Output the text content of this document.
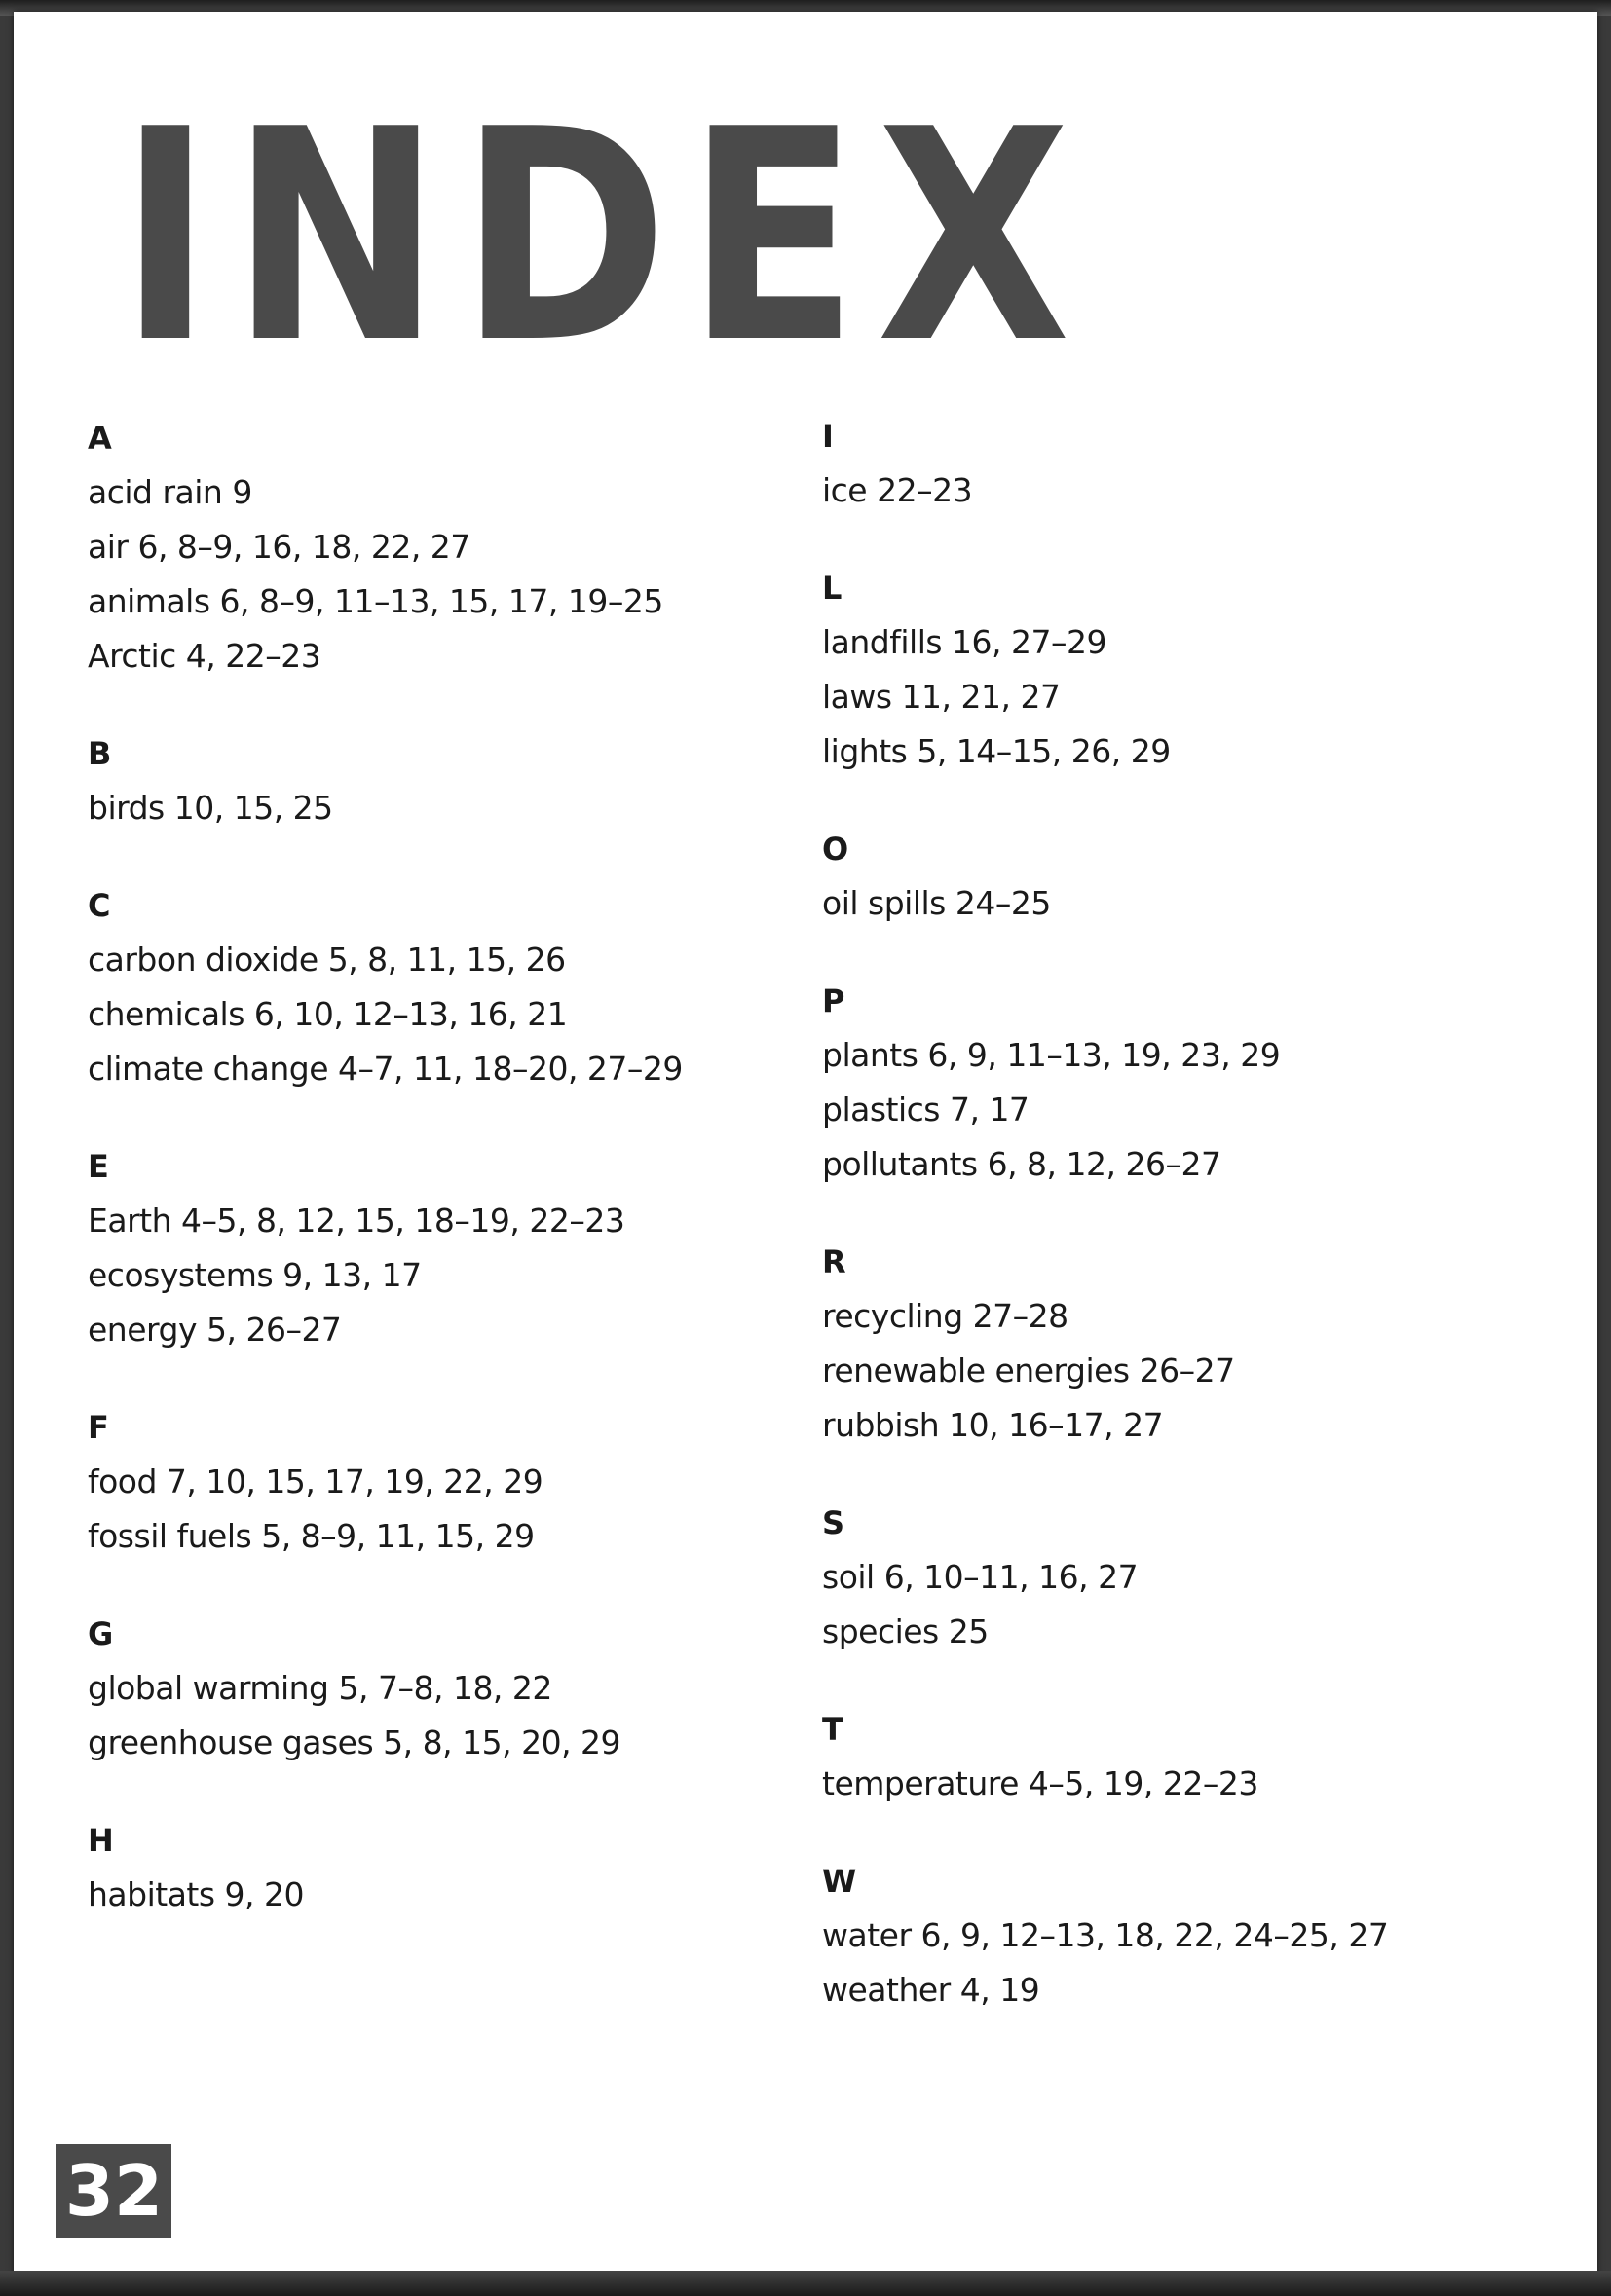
INDEX
A
acid rain 9
air 6, 8–9, 16, 18, 22, 27
animals 6, 8–9, 11–13, 15, 17, 19–25
Arctic 4, 22–23
B
birds 10, 15, 25
C
carbon dioxide 5, 8, 11, 15, 26
chemicals 6, 10, 12–13, 16, 21
climate change 4–7, 11, 18–20, 27–29
E
Earth 4–5, 8, 12, 15, 18–19, 22–23
ecosystems 9, 13, 17
energy 5, 26–27
F
food 7, 10, 15, 17, 19, 22, 29
fossil fuels 5, 8–9, 11, 15, 29
G
global warming 5, 7–8, 18, 22
greenhouse gases 5, 8, 15, 20, 29
H
habitats 9, 20
I
ice 22–23
L
landfills 16, 27–29
laws 11, 21, 27
lights 5, 14–15, 26, 29
O
oil spills 24–25
P
plants 6, 9, 11–13, 19, 23, 29
plastics 7, 17
pollutants 6, 8, 12, 26–27
R
recycling 27–28
renewable energies 26–27
rubbish 10, 16–17, 27
S
soil 6, 10–11, 16, 27
species 25
T
temperature 4–5, 19, 22–23
W
water 6, 9, 12–13, 18, 22, 24–25, 27
weather 4, 19
32
